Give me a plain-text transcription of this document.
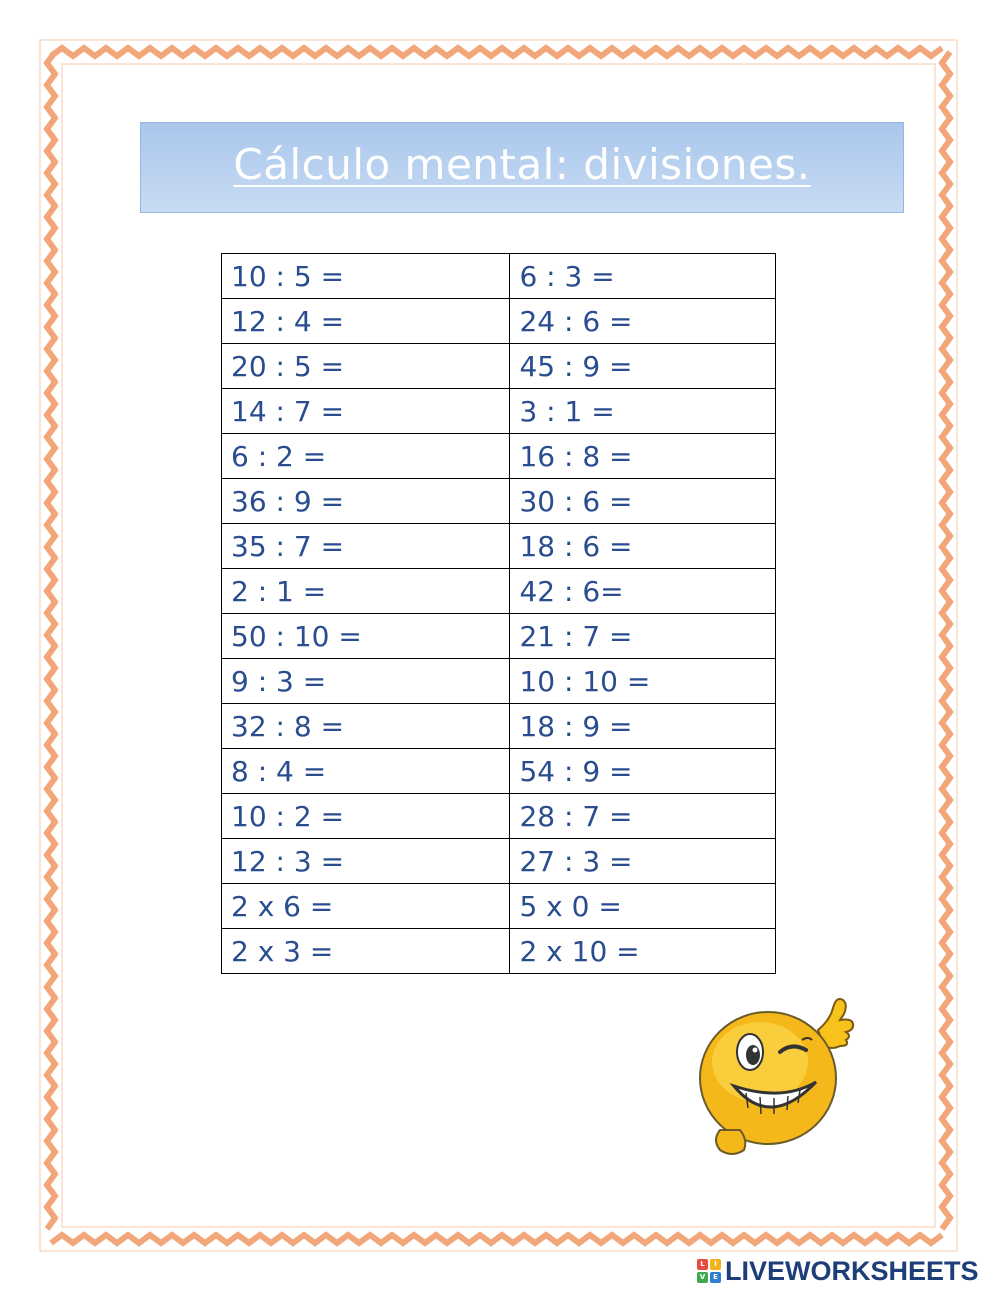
Cálculo mental: divisiones.
10 : 5 =	6 : 3 =
12 : 4 =	24 : 6 =
20 : 5 =	45 : 9 =
14 : 7 =	3 : 1 =
6 : 2 =	16 : 8 =
36 : 9 =	30 : 6 =
35 : 7 =	18 : 6 =
2 : 1 =	42 : 6=
50 : 10 =	21 : 7 =
9 : 3 =	10 : 10 =
32 : 8 =	18 : 9 =
8 : 4 =	54 : 9 =
10 : 2 =	28 : 7 =
12 : 3 =	27 : 3 =
2 x 6 =	5 x 0 =
2 x 3 =	2 x 10 =
L	I
V	E LIVEWORKSHEETS
